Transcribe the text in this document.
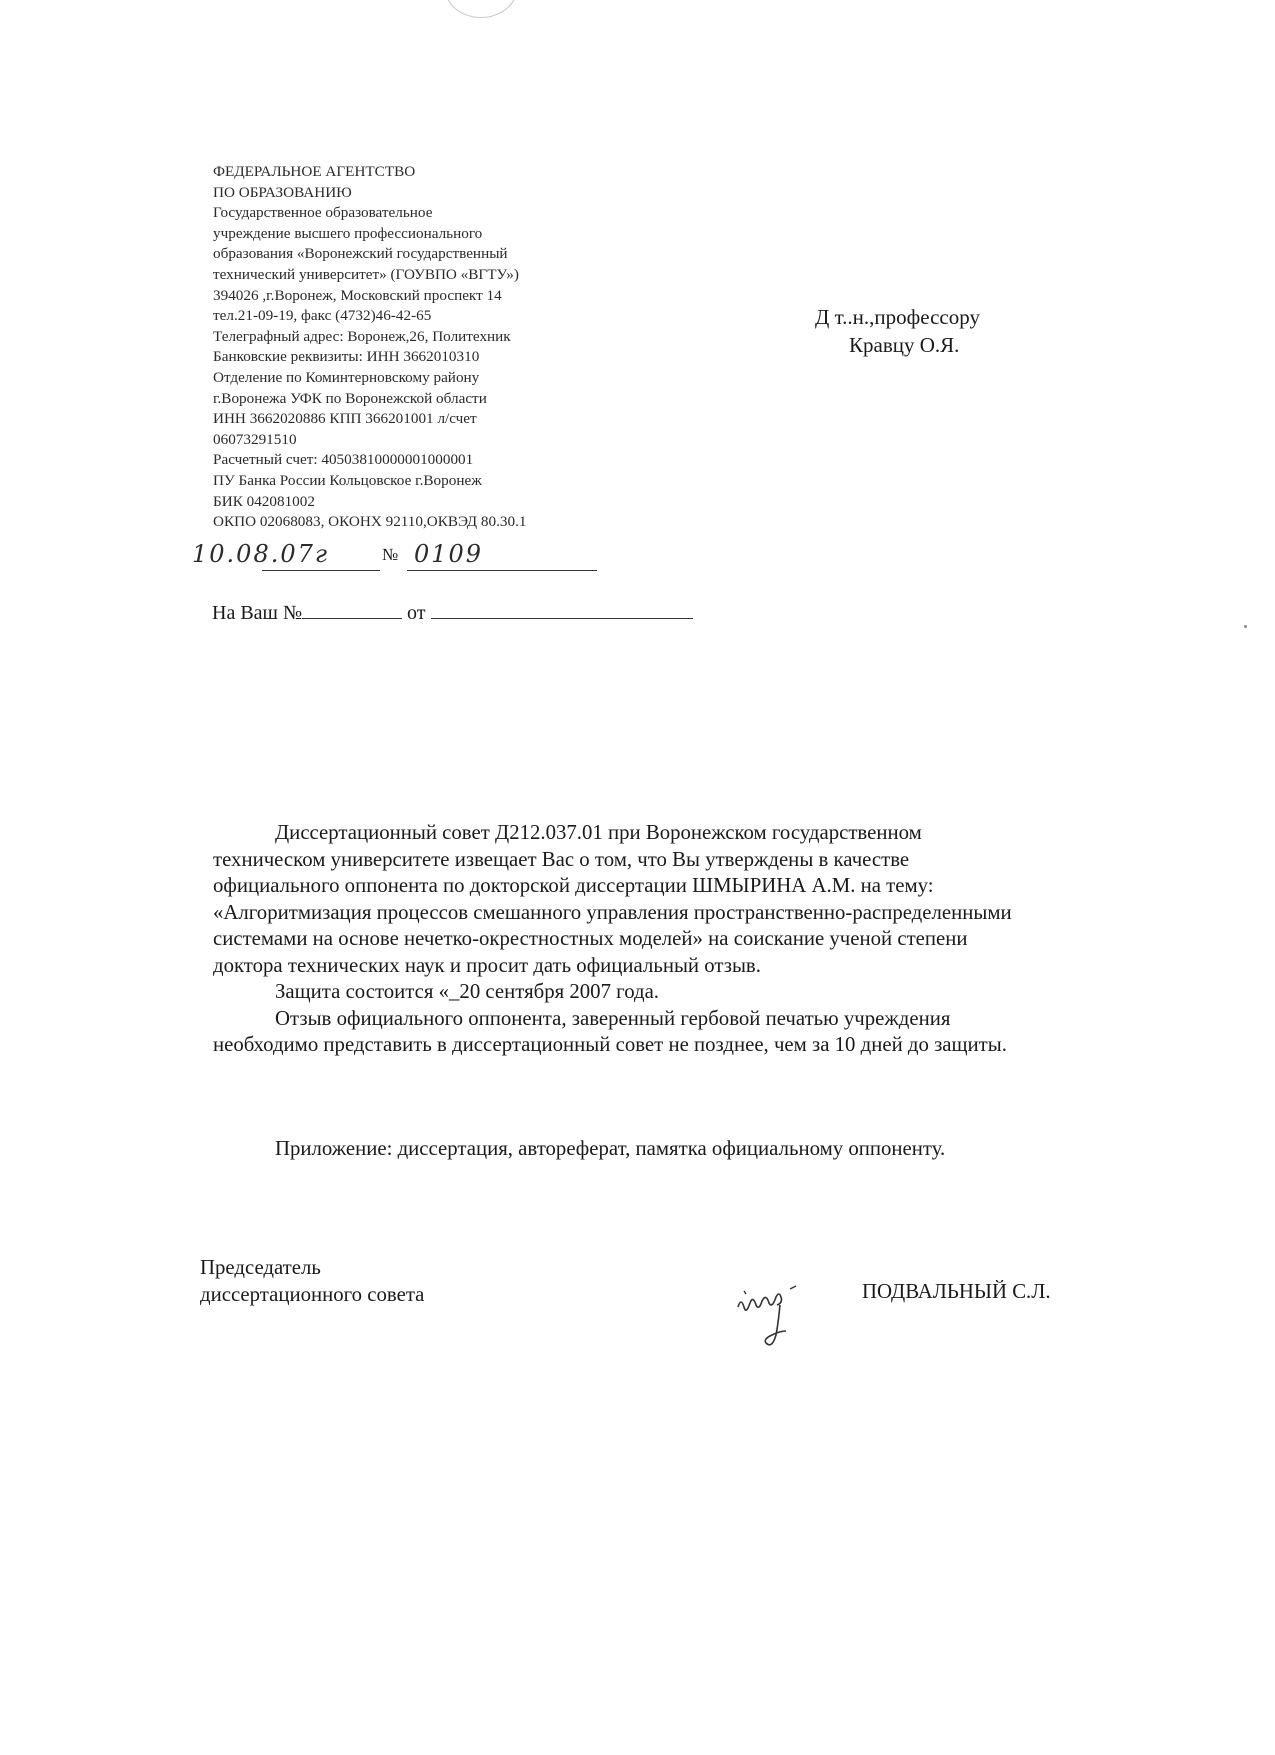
ФЕДЕРАЛЬНОЕ АГЕНТСТВО
ПО ОБРАЗОВАНИЮ
Государственное образовательное
учреждение высшего профессионального
образования «Воронежский государственный
технический университет» (ГОУВПО «ВГТУ»)
394026 ,г.Воронеж, Московский проспект 14
тел.21-09-19, факс (4732)46-42-65
Телеграфный адрес: Воронеж,26, Политехник
Банковские реквизиты: ИНН 3662010310
Отделение по Коминтерновскому району
г.Воронежа УФК по Воронежской области
ИНН 3662020886 КПП 366201001 л/счет
06073291510
Расчетный счет: 40503810000001000001
ПУ Банка России Кольцовское г.Воронеж
БИК 042081002
ОКПО 02068083, ОКОНХ 92110,ОКВЭД 80.30.1
10.08.07г	№ 0109
На Ваш №	от
Д т..н.,профессору
Кравцу О.Я.
Диссертационный совет Д212.037.01 при Воронежском государственном
техническом университете извещает Вас о том, что Вы утверждены в качестве
официального оппонента по докторской диссертации ШМЫРИНА А.М. на тему:
«Алгоритмизация процессов смешанного управления пространственно-распределенными
системами на основе нечетко-окрестностных моделей» на соискание ученой степени
доктора технических наук и просит дать официальный отзыв.
Защита состоится «_20 сентября 2007 года.
Отзыв официального оппонента, заверенный гербовой печатью учреждения
необходимо представить в диссертационный совет не позднее, чем за 10 дней до защиты.
Приложение: диссертация, автореферат, памятка официальному оппоненту.
Председатель
диссертационного совета	ПОДВАЛЬНЫЙ С.Л.
